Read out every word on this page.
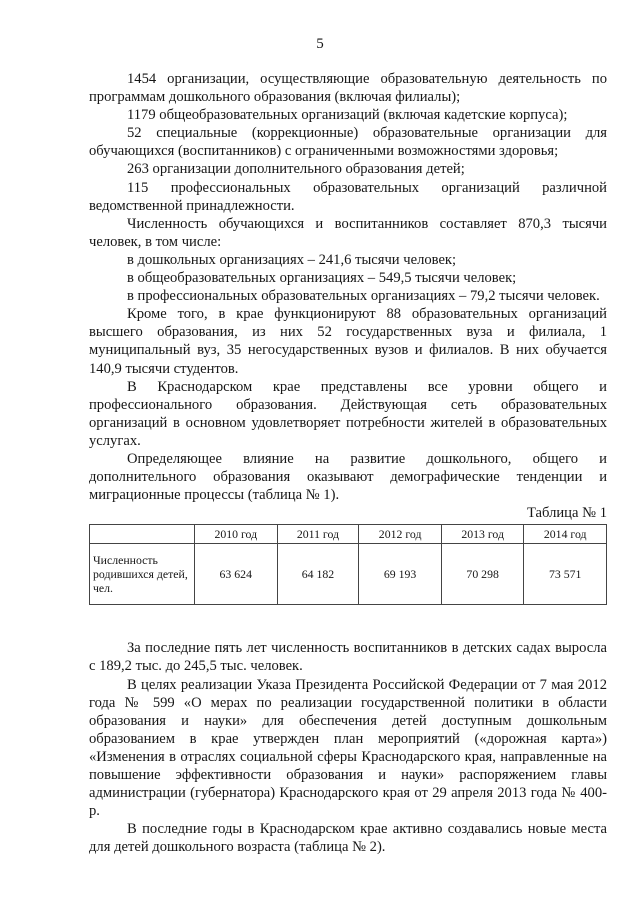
5

1454 организации, осуществляющие образовательную деятельность по программам дошкольного образования (включая филиалы);

1179 общеобразовательных организаций (включая кадетские корпуса);

52 специальные (коррекционные) образовательные организации для обучающихся (воспитанников) с ограниченными возможностями здоровья;

263 организации дополнительного образования детей;

115 профессиональных образовательных организаций различной ведомственной принадлежности.

Численность обучающихся и воспитанников составляет 870,3 тысячи человек, в том числе:

в дошкольных организациях – 241,6 тысячи человек;

в общеобразовательных организациях – 549,5 тысячи человек;

в профессиональных образовательных организациях – 79,2 тысячи человек.

Кроме того, в крае функционируют 88 образовательных организаций высшего образования, из них 52 государственных вуза и филиала, 1 муниципальный вуз, 35 негосударственных вузов и филиалов. В них обучается 140,9 тысячи студентов.

В Краснодарском крае представлены все уровни общего и профессионального образования. Действующая сеть образовательных организаций в основном удовлетворяет потребности жителей в образовательных услугах.

Определяющее влияние на развитие дошкольного, общего и дополнительного образования оказывают демографические тенденции и миграционные процессы (таблица № 1).

Таблица № 1

	2010 год	2011 год	2012 год	2013 год	2014 год
Численность родившихся детей, чел.	63 624	64 182	69 193	70 298	73 571

За последние пять лет численность воспитанников в детских садах выросла с 189,2 тыс. до 245,5 тыс. человек.

В целях реализации Указа Президента Российской Федерации от 7 мая 2012 года № 599 «О мерах по реализации государственной политики в области образования и науки» для обеспечения детей доступным дошкольным образованием в крае утвержден план мероприятий («дорожная карта») «Изменения в отраслях социальной сферы Краснодарского края, направленные на повышение эффективности образования и науки» распоряжением главы администрации (губернатора) Краснодарского края от 29 апреля 2013 года № 400-р.

В последние годы в Краснодарском крае активно создавались новые места для детей дошкольного возраста (таблица № 2).
